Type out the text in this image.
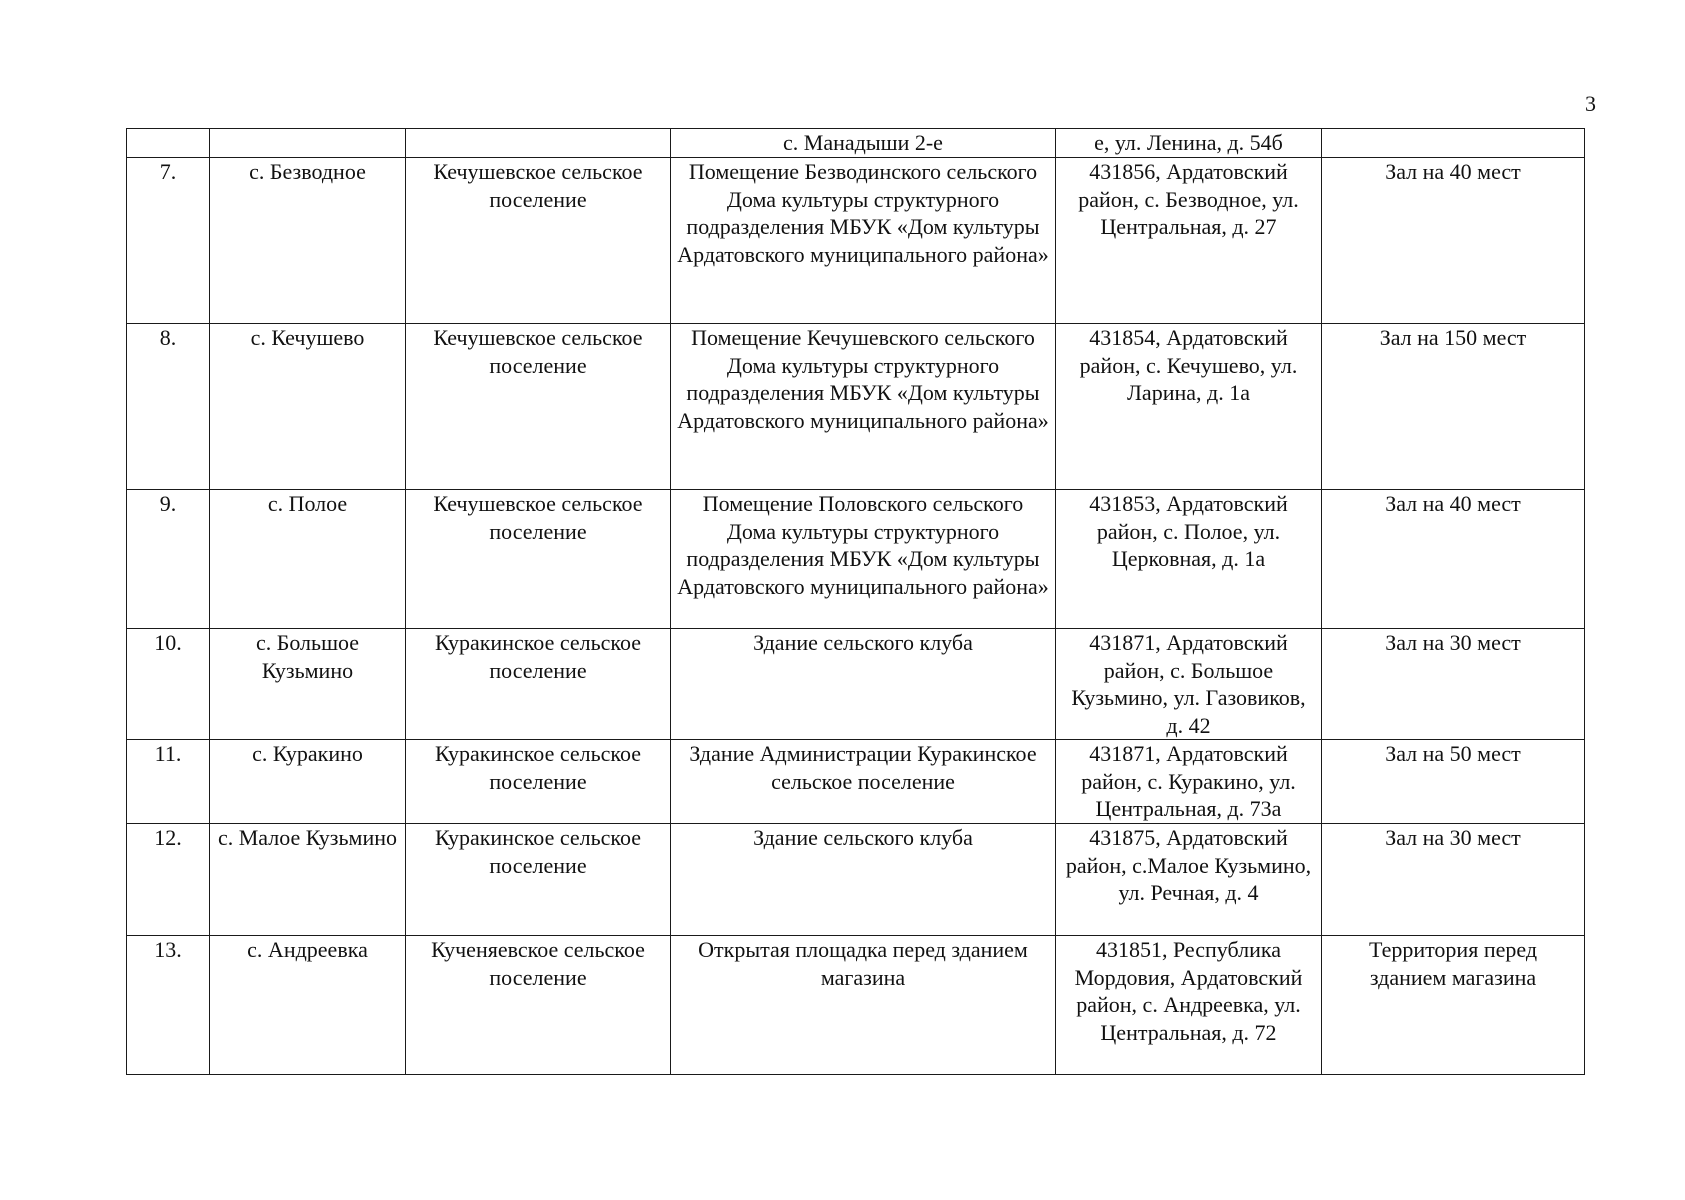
3
			с. Манадыши 2-е	е, ул. Ленина, д. 54б	
7.	с. Безводное	Кечушевское сельское поселение	Помещение Безводинского сельского Дома культуры структурного подразделения МБУК «Дом культуры Ардатовского муниципального района»	431856, Ардатовский район, с. Безводное, ул. Центральная, д. 27	Зал на 40 мест
8.	с. Кечушево	Кечушевское сельское поселение	Помещение Кечушевского сельского Дома культуры структурного подразделения МБУК «Дом культуры Ардатовского муниципального района»	431854, Ардатовский район, с. Кечушево, ул. Ларина, д. 1а	Зал на 150 мест
9.	с. Полое	Кечушевское сельское поселение	Помещение Половского сельского Дома культуры структурного подразделения МБУК «Дом культуры Ардатовского муниципального района»	431853, Ардатовский район, с. Полое, ул. Церковная, д. 1а	Зал на 40 мест
10.	с. Большое Кузьмино	Куракинское сельское поселение	Здание сельского клуба	431871, Ардатовский район, с. Большое Кузьмино, ул. Газовиков, д. 42	Зал на 30 мест
11.	с. Куракино	Куракинское сельское поселение	Здание Администрации Куракинское сельское поселение	431871, Ардатовский район, с. Куракино, ул. Центральная, д. 73а	Зал на 50 мест
12.	с. Малое Кузьмино	Куракинское сельское поселение	Здание сельского клуба	431875, Ардатовский район, с.Малое Кузьмино, ул. Речная, д. 4	Зал на 30 мест
13.	с. Андреевка	Кученяевское сельское поселение	Открытая площадка перед зданием магазина	431851, Республика Мордовия, Ардатовский район, с. Андреевка, ул. Центральная, д. 72	Территория перед зданием магазина
